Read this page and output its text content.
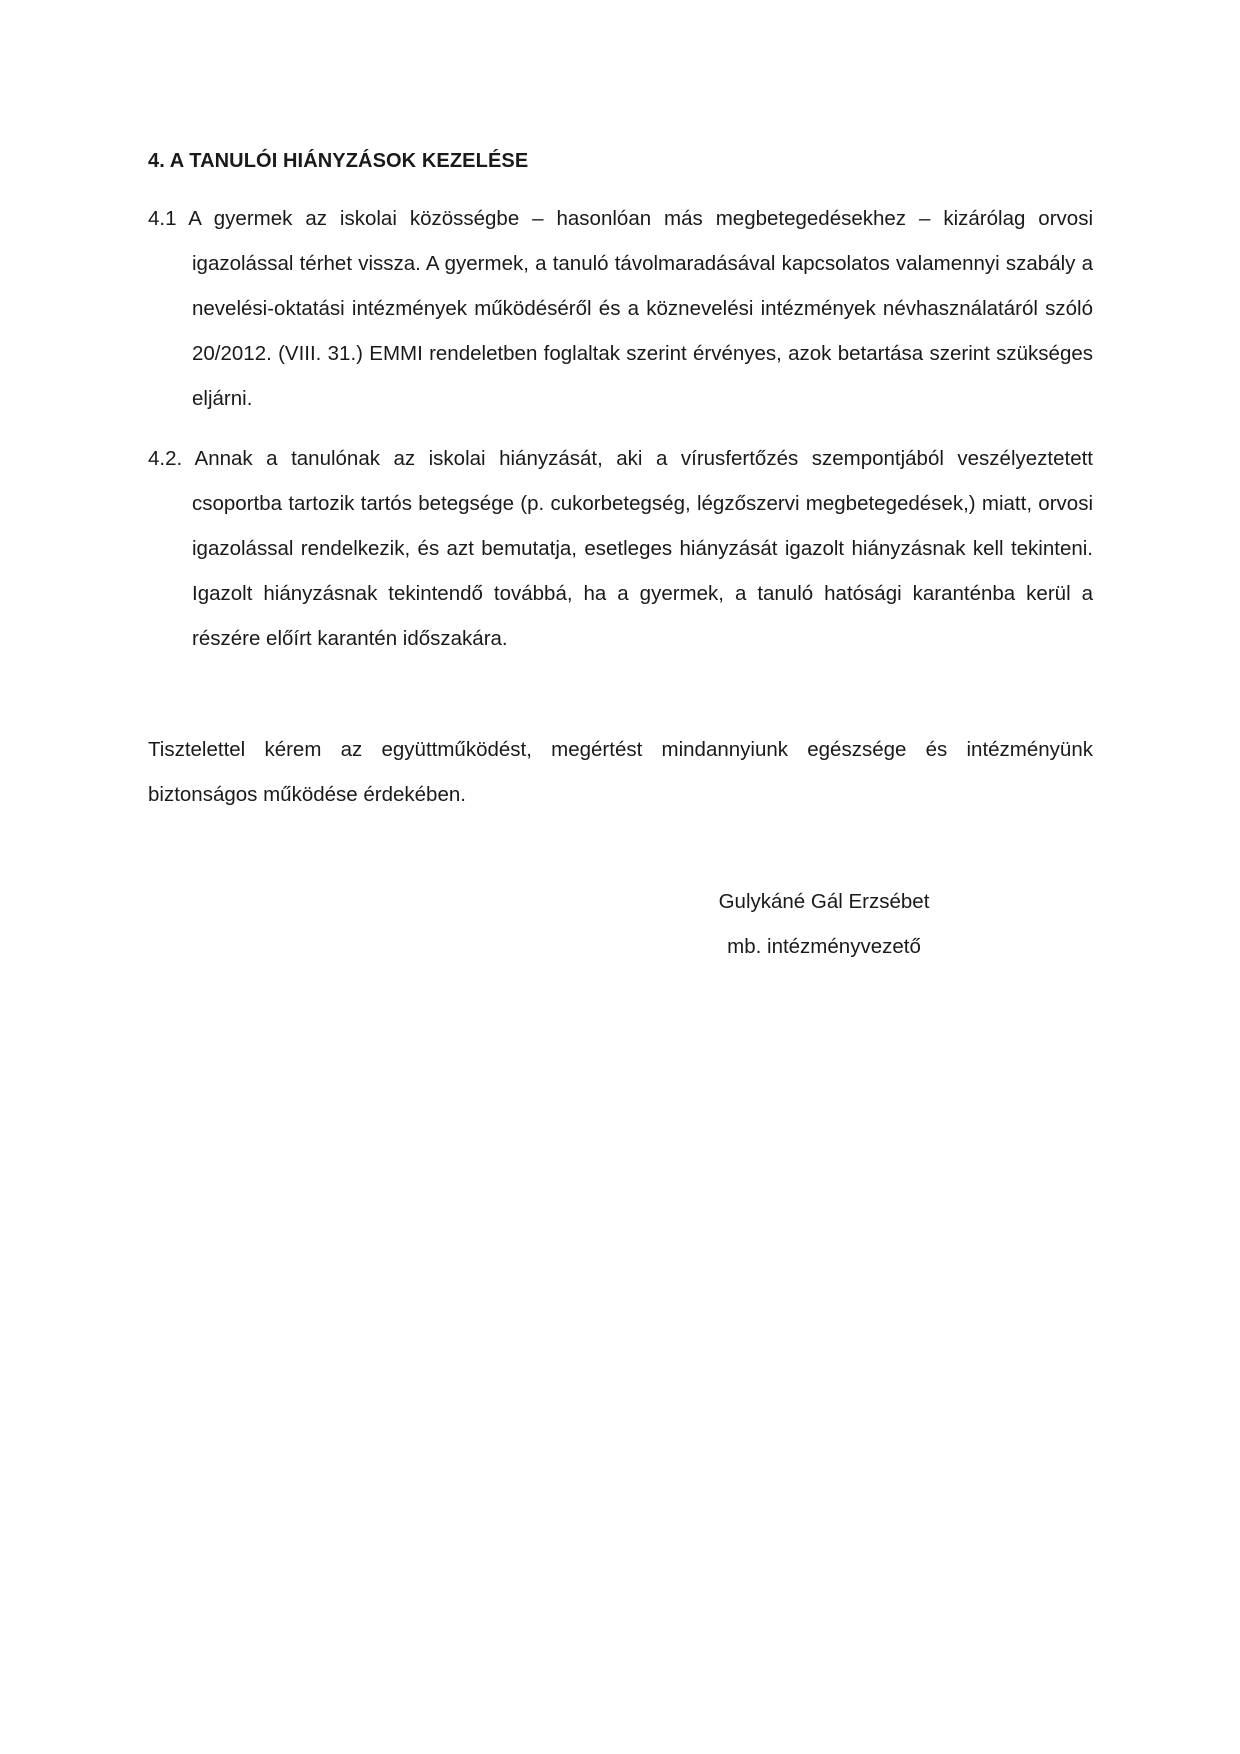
4. A TANULÓI HIÁNYZÁSOK KEZELÉSE
4.1 A gyermek az iskolai közösségbe – hasonlóan más megbetegedésekhez – kizárólag orvosi igazolással térhet vissza. A gyermek, a tanuló távolmaradásával kapcsolatos valamennyi szabály a nevelési-oktatási intézmények működéséről és a köznevelési intézmények névhasználatáról szóló 20/2012. (VIII. 31.) EMMI rendeletben foglaltak szerint érvényes, azok betartása szerint szükséges eljárni.
4.2. Annak a tanulónak az iskolai hiányzását, aki a vírusfertőzés szempontjából veszélyeztetett csoportba tartozik tartós betegsége (p. cukorbetegség, légzőszervi megbetegedések,) miatt, orvosi igazolással rendelkezik, és azt bemutatja, esetleges hiányzását igazolt hiányzásnak kell tekinteni. Igazolt hiányzásnak tekintendő továbbá, ha a gyermek, a tanuló hatósági karanténba kerül a részére előírt karantén időszakára.
Tisztelettel kérem az együttműködést, megértést mindannyiunk egészsége és intézményünk biztonságos működése érdekében.
Gulykáné Gál Erzsébet
mb. intézményvezető
